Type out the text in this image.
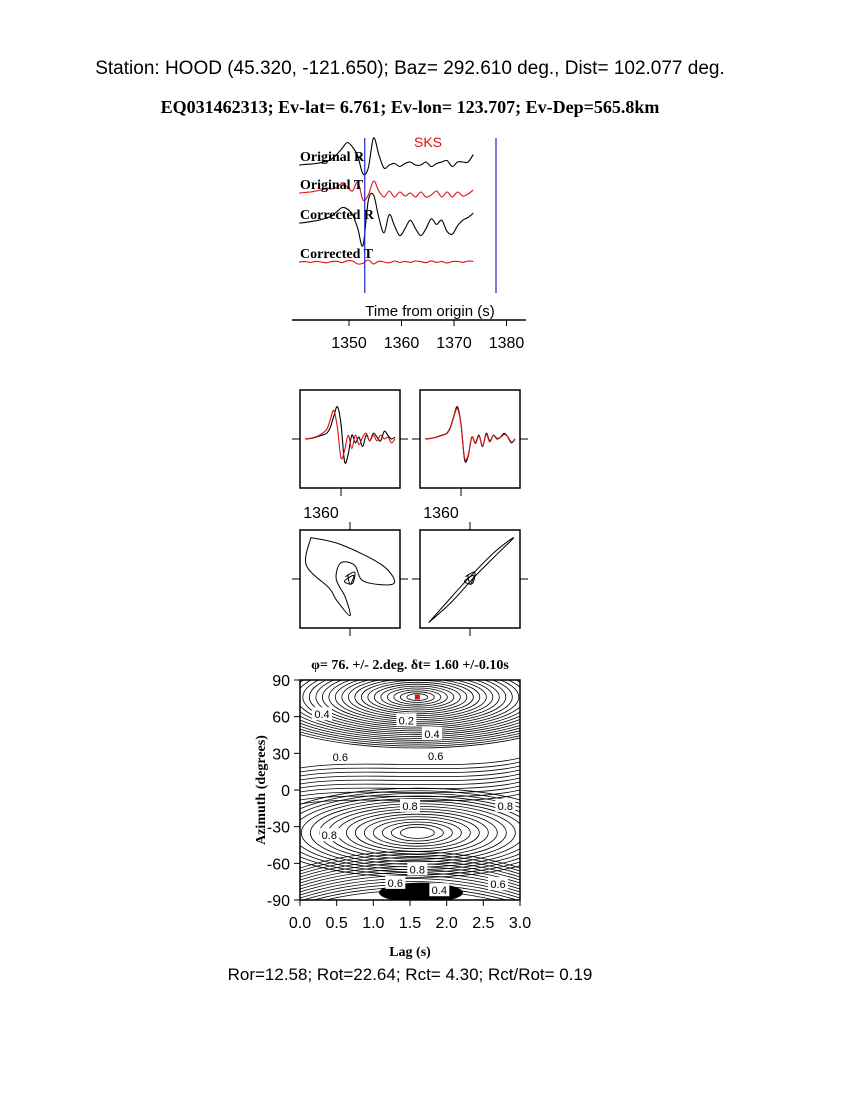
Station: HOOD (45.320, -121.650); Baz= 292.610 deg., Dist= 102.077 deg.
EQ031462313; Ev-lat= 6.761; Ev-lon= 123.707; Ev-Dep=565.8km
Original R
Original T
Corrected R
Corrected T
SKS
Time from origin (s)
1350 1360 1370 1380
1360	1360
0.4
0.2
0.4
0.6	0.6
0.8	0.8
0.8
0.8
0.6
0.4
0.6
φ= 76. +/- 2.deg. δt= 1.60 +/-0.10s
0.0 0.5 1.0 1.5 2.0 2.5 3.0
90
60
30
0
-30
-60
-90
Lag (s)
Azimuth (degrees)
Ror=12.58; Rot=22.64; Rct= 4.30; Rct/Rot= 0.19
